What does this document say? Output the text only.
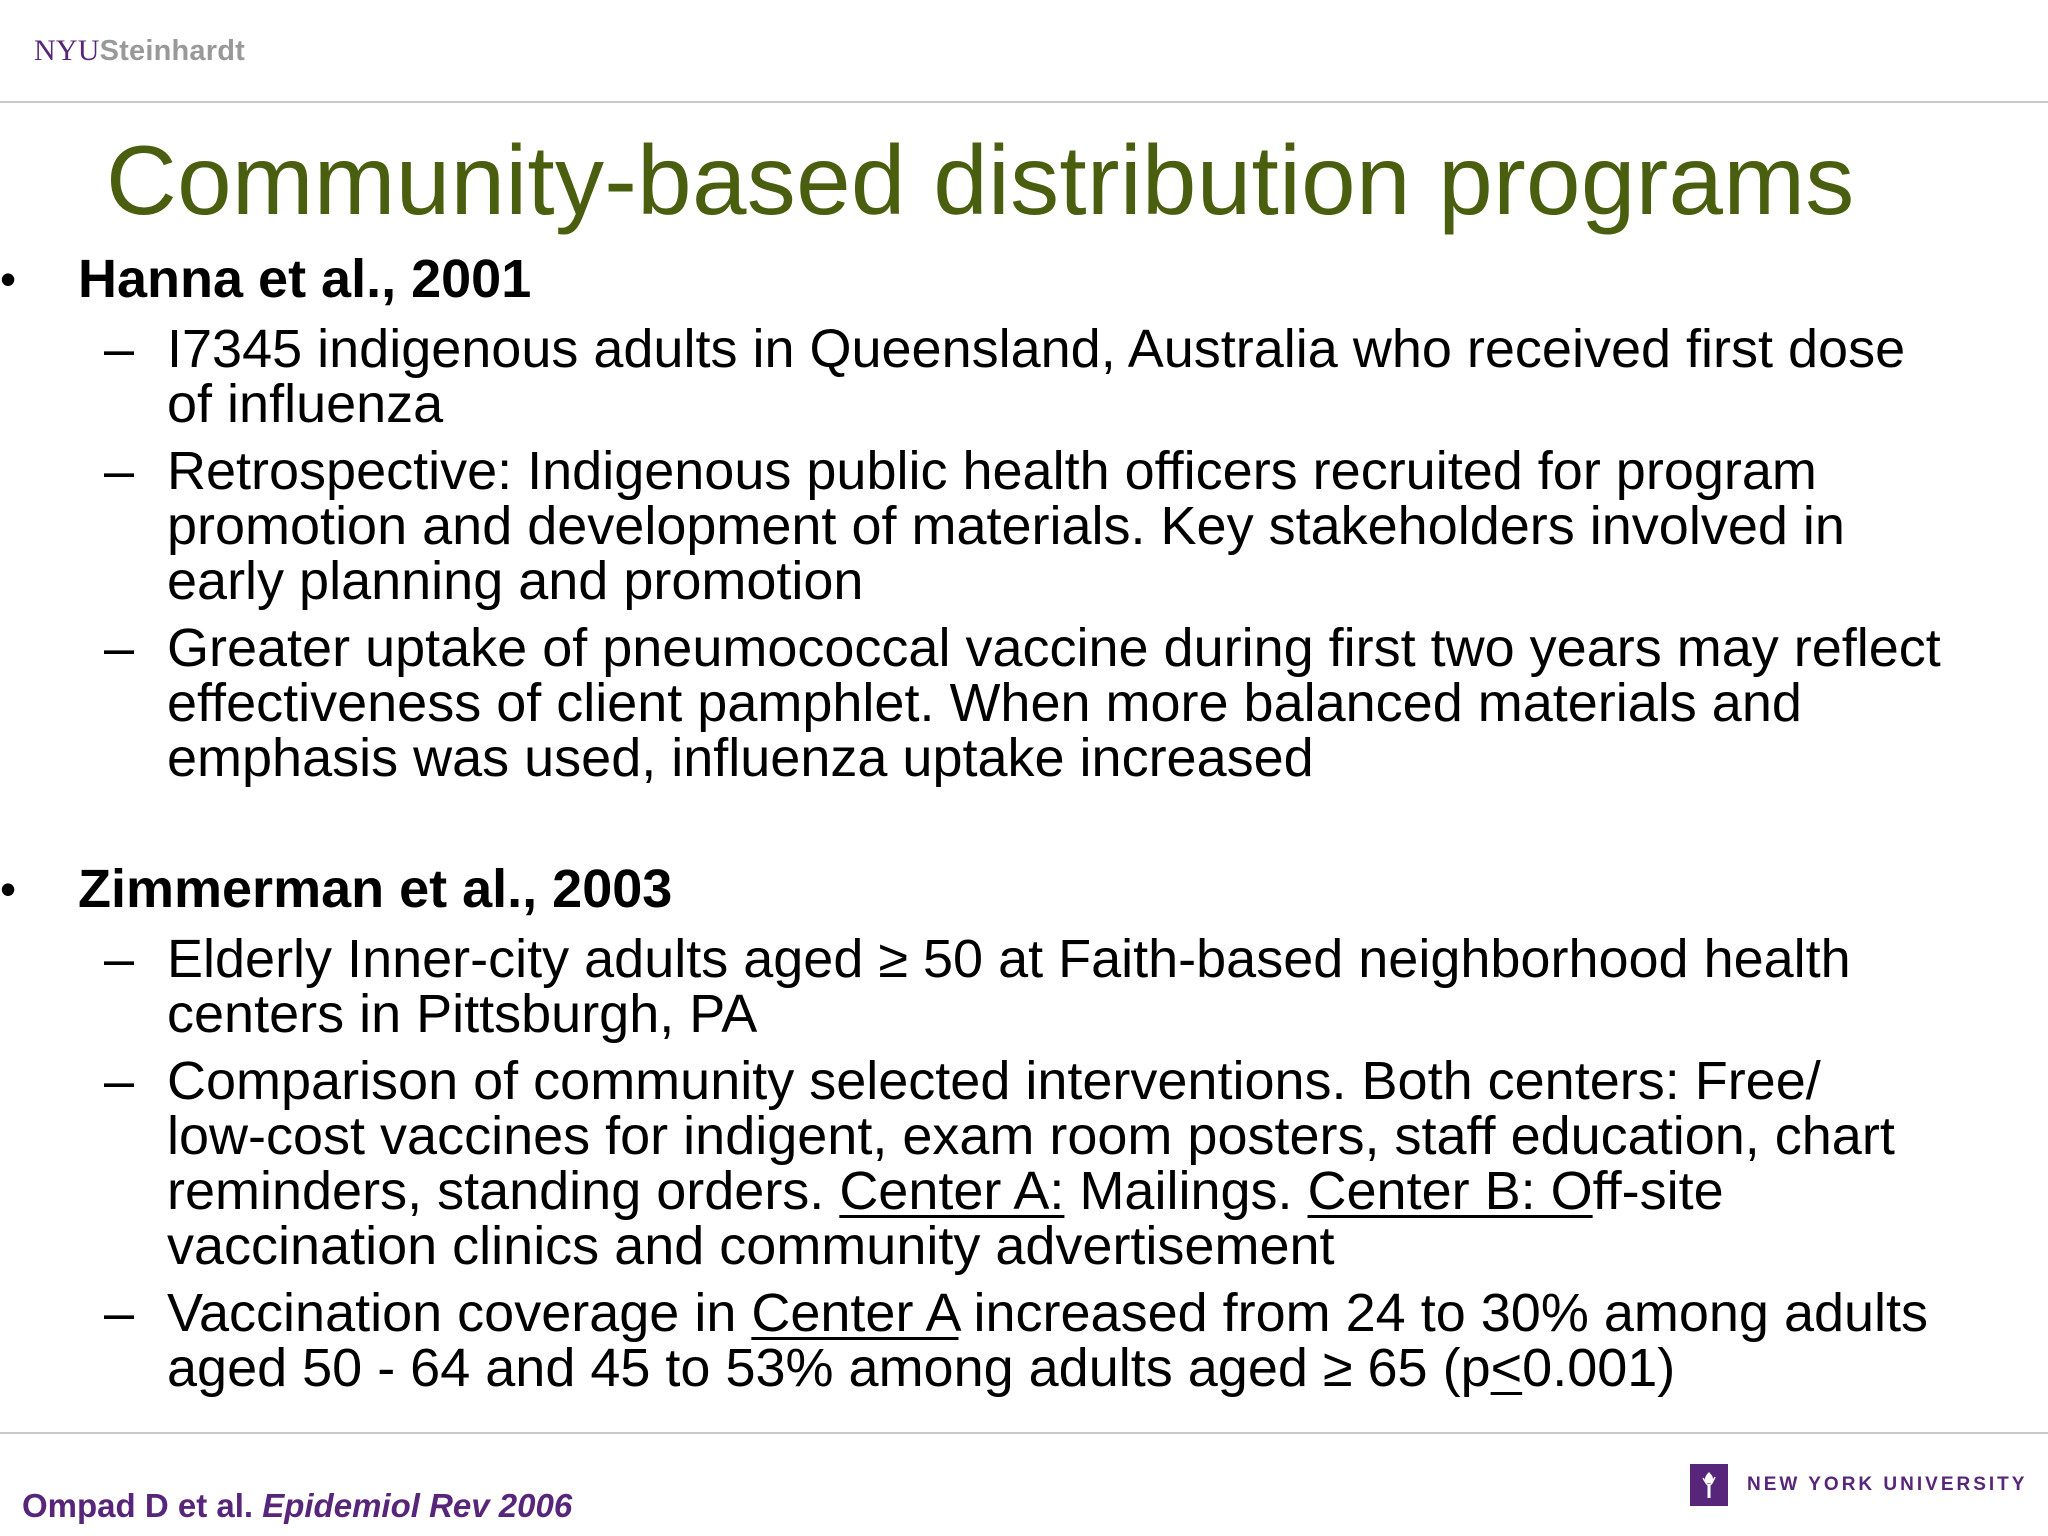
NYUSteinhardt
Community-based distribution programs
• Hanna et al., 2001
– I7345 indigenous adults in Queensland, Australia who received first dose
of influenza
– Retrospective: Indigenous public health officers recruited for program
promotion and development of materials. Key stakeholders involved in
early planning and promotion
– Greater uptake of pneumococcal vaccine during first two years may reflect
effectiveness of client pamphlet. When more balanced materials and
emphasis was used, influenza uptake increased
• Zimmerman et al., 2003
– Elderly Inner-city adults aged ≥ 50 at Faith-based neighborhood health
centers in Pittsburgh, PA
– Comparison of community selected interventions. Both centers: Free/
low-cost vaccines for indigent, exam room posters, staff education, chart
reminders, standing orders. Center A: Mailings. Center B: Off-site
vaccination clinics and community advertisement
– Vaccination coverage in Center A increased from 24 to 30% among adults
aged 50 - 64 and 45 to 53% among adults aged ≥ 65 (p<0.001)
Ompad D et al. Epidemiol Rev 2006
NEW YORK UNIVERSITY
